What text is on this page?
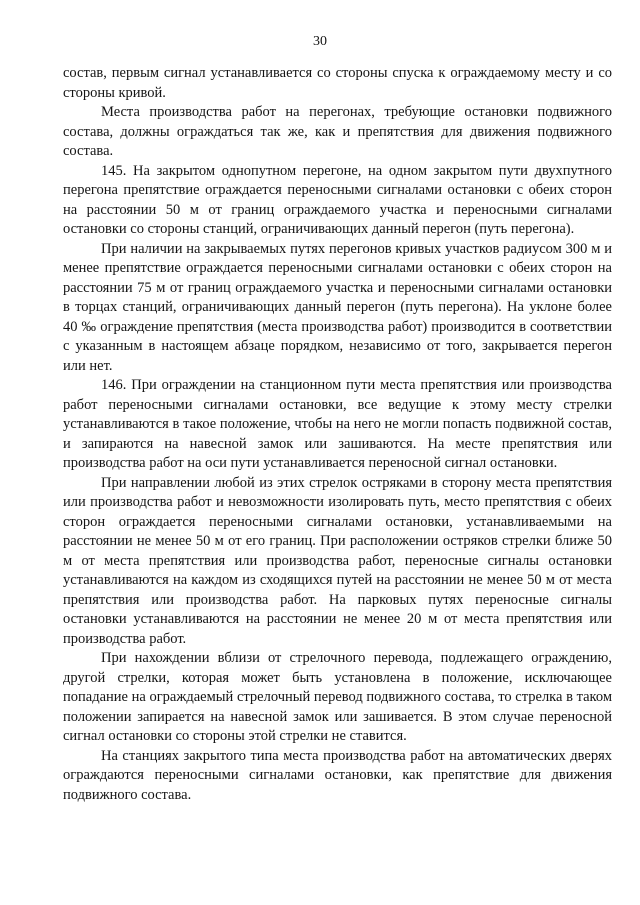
30

состав, первым сигнал устанавливается со стороны спуска к ограждаемому месту и со стороны кривой.

Места производства работ на перегонах, требующие остановки подвижного состава, должны ограждаться так же, как и препятствия для движения подвижного состава.

145. На закрытом однопутном перегоне, на одном закрытом пути двухпутного перегона препятствие ограждается переносными сигналами остановки с обеих сторон на расстоянии 50 м от границ ограждаемого участка и переносными сигналами остановки со стороны станций, ограничивающих данный перегон (путь перегона).

При наличии на закрываемых путях перегонов кривых участков радиусом 300 м и менее препятствие ограждается переносными сигналами остановки с обеих сторон на расстоянии 75 м от границ ограждаемого участка и переносными сигналами остановки в торцах станций, ограничивающих данный перегон (путь перегона). На уклоне более 40 ‰ ограждение препятствия (места производства работ) производится в соответствии с указанным в настоящем абзаце порядком, независимо от того, закрывается перегон или нет.

146. При ограждении на станционном пути места препятствия или производства работ переносными сигналами остановки, все ведущие к этому месту стрелки устанавливаются в такое положение, чтобы на него не могли попасть подвижной состав, и запираются на навесной замок или зашиваются. На месте препятствия или производства работ на оси пути устанавливается переносной сигнал остановки.

При направлении любой из этих стрелок остряками в сторону места препятствия или производства работ и невозможности изолировать путь, место препятствия с обеих сторон ограждается переносными сигналами остановки, устанавливаемыми на расстоянии не менее 50 м от его границ. При расположении остряков стрелки ближе 50 м от места препятствия или производства работ, переносные сигналы остановки устанавливаются на каждом из сходящихся путей на расстоянии не менее 50 м от места препятствия или производства работ. На парковых путях переносные сигналы остановки устанавливаются на расстоянии не менее 20 м от места препятствия или производства работ.

При нахождении вблизи от стрелочного перевода, подлежащего ограждению, другой стрелки, которая может быть установлена в положение, исключающее попадание на ограждаемый стрелочный перевод подвижного состава, то стрелка в таком положении запирается на навесной замок или зашивается. В этом случае переносной сигнал остановки со стороны этой стрелки не ставится.

На станциях закрытого типа места производства работ на автоматических дверях ограждаются переносными сигналами остановки, как препятствие для движения подвижного состава.
